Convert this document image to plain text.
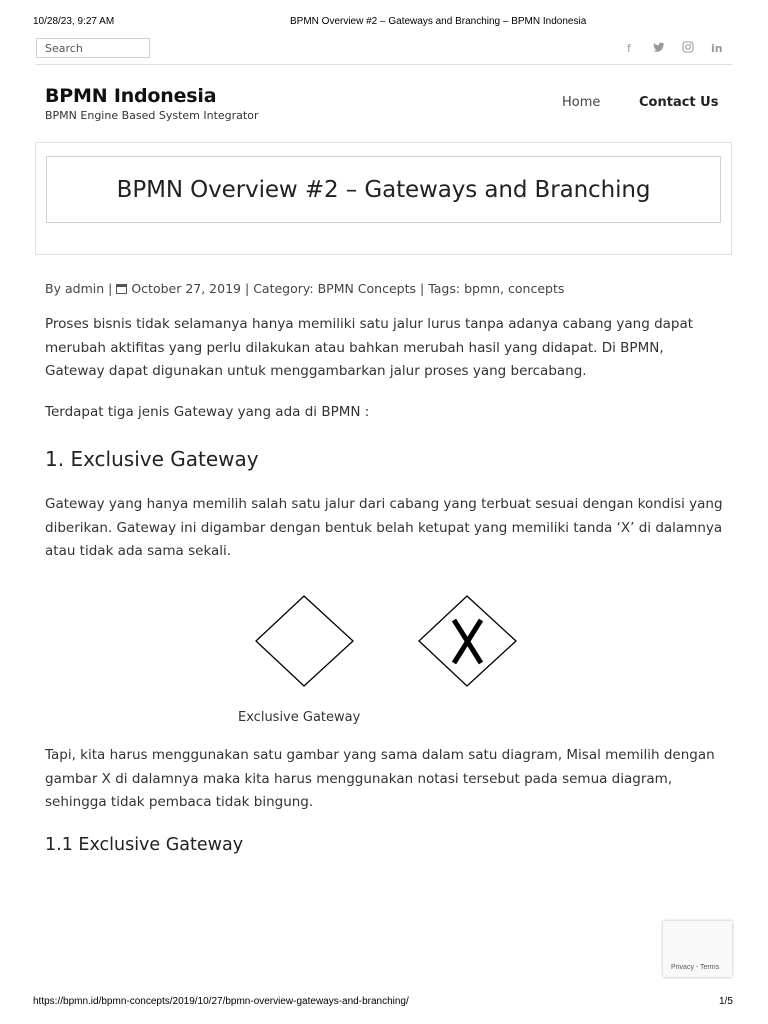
10/28/23, 9:27 AM	BPMN Overview #2 – Gateways and Branching – BPMN Indonesia
Search	f	in
BPMN Indonesia
BPMN Engine Based System Integrator
Home	Contact Us
BPMN Overview #2 – Gateways and Branching
By admin | October 27, 2019 | Category: BPMN Concepts | Tags: bpmn, concepts

Proses bisnis tidak selamanya hanya memiliki satu jalur lurus tanpa adanya cabang yang dapat merubah aktifitas yang perlu dilakukan atau bahkan merubah hasil yang didapat. Di BPMN, Gateway dapat digunakan untuk menggambarkan jalur proses yang bercabang.

Terdapat tiga jenis Gateway yang ada di BPMN :

1. Exclusive Gateway

Gateway yang hanya memilih salah satu jalur dari cabang yang terbuat sesuai dengan kondisi yang diberikan. Gateway ini digambar dengan bentuk belah ketupat yang memiliki tanda ‘X’ di dalamnya atau tidak ada sama sekali.

Exclusive Gateway

Tapi, kita harus menggunakan satu gambar yang sama dalam satu diagram, Misal memilih dengan gambar X di dalamnya maka kita harus menggunakan notasi tersebut pada semua diagram, sehingga tidak pembaca tidak bingung.

1.1 Exclusive Gateway
Privacy - Terms
https://bpmn.id/bpmn-concepts/2019/10/27/bpmn-overview-gateways-and-branching/	1/5
